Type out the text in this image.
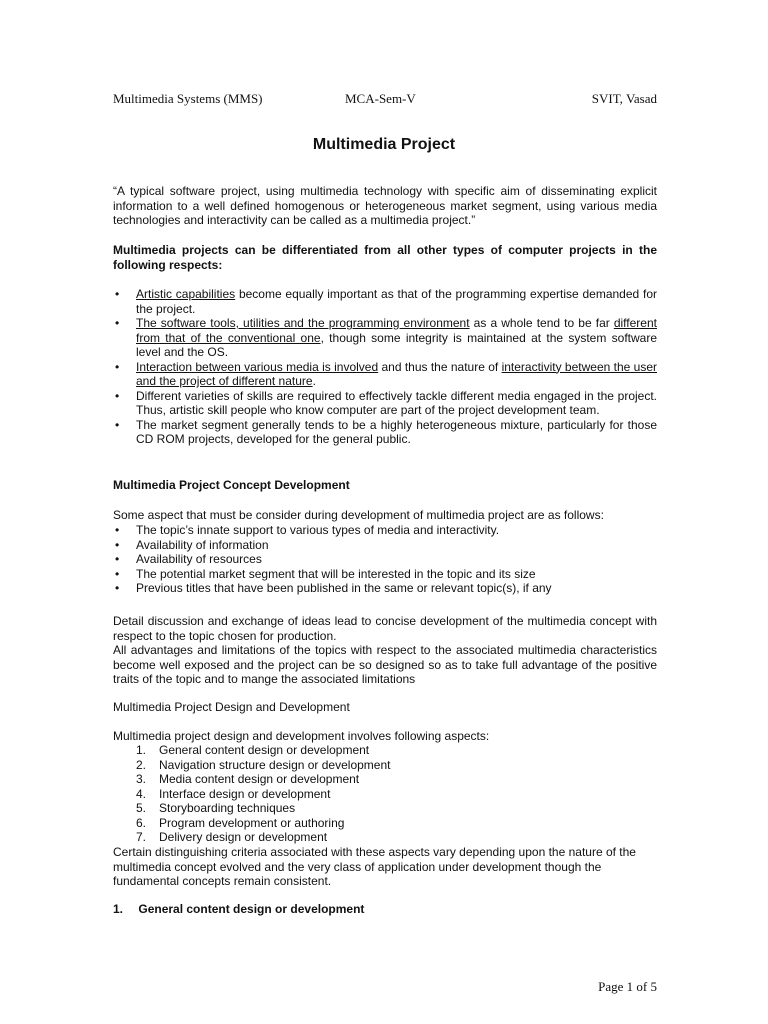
Multimedia Systems (MMS)	MCA-Sem-V	SVIT, Vasad
Multimedia Project
“A typical software project, using multimedia technology with specific aim of disseminating explicit information to a well defined homogenous or heterogeneous market segment, using various media technologies and interactivity can be called as a multimedia project.”
Multimedia projects can be differentiated from all other types of computer projects in the following respects:
• Artistic capabilities become equally important as that of the programming expertise demanded for the project.
• The software tools, utilities and the programming environment as a whole tend to be far different from that of the conventional one, though some integrity is maintained at the system software level and the OS.
• Interaction between various media is involved and thus the nature of interactivity between the user and the project of different nature.
• Different varieties of skills are required to effectively tackle different media engaged in the project. Thus, artistic skill people who know computer are part of the project development team.
• The market segment generally tends to be a highly heterogeneous mixture, particularly for those CD ROM projects, developed for the general public.
Multimedia Project Concept Development
Some aspect that must be consider during development of multimedia project are as follows:
• The topic’s innate support to various types of media and interactivity.
• Availability of information
• Availability of resources
• The potential market segment that will be interested in the topic and its size
• Previous titles that have been published in the same or relevant topic(s), if any
Detail discussion and exchange of ideas lead to concise development of the multimedia concept with respect to the topic chosen for production.
All advantages and limitations of the topics with respect to the associated multimedia characteristics become well exposed and the project can be so designed so as to take full advantage of the positive traits of the topic and to mange the associated limitations
Multimedia Project Design and Development
Multimedia project design and development involves following aspects:
1. General content design or development
2. Navigation structure design or development
3. Media content design or development
4. Interface design or development
5. Storyboarding techniques
6. Program development or authoring
7. Delivery design or development
Certain distinguishing criteria associated with these aspects vary depending upon the nature of the multimedia concept evolved and the very class of application under development though the fundamental concepts remain consistent.
1. General content design or development
Page 1 of 5
